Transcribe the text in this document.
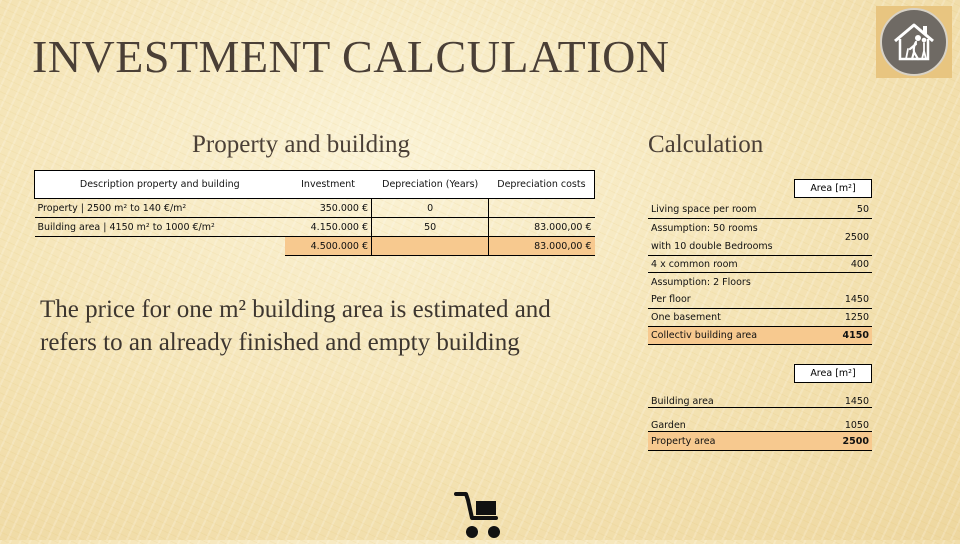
INVESTMENT CALCULATION
Property and building	Calculation
Description property and building	Investment	Depreciation (Years)	Depreciation costs
Property | 2500 m² to 140 €/m²	350.000 €	0	
Building area | 4150 m² to 1000 €/m²	4.150.000 €	50	83.000,00 €
	4.500.000 €		83.000,00 €
The price for one m² building area is estimated and refers to an already finished and empty building
Area [m²]
Living space per room	50
Assumption: 50 rooms	2500
with 10 double Bedrooms	
4 x common room	400
Assumption: 2 Floors	
Per floor	1450
One basement	1250
Collectiv building area	4150
Area [m²]
Building area	1450
Garden	1050
Property area	2500
